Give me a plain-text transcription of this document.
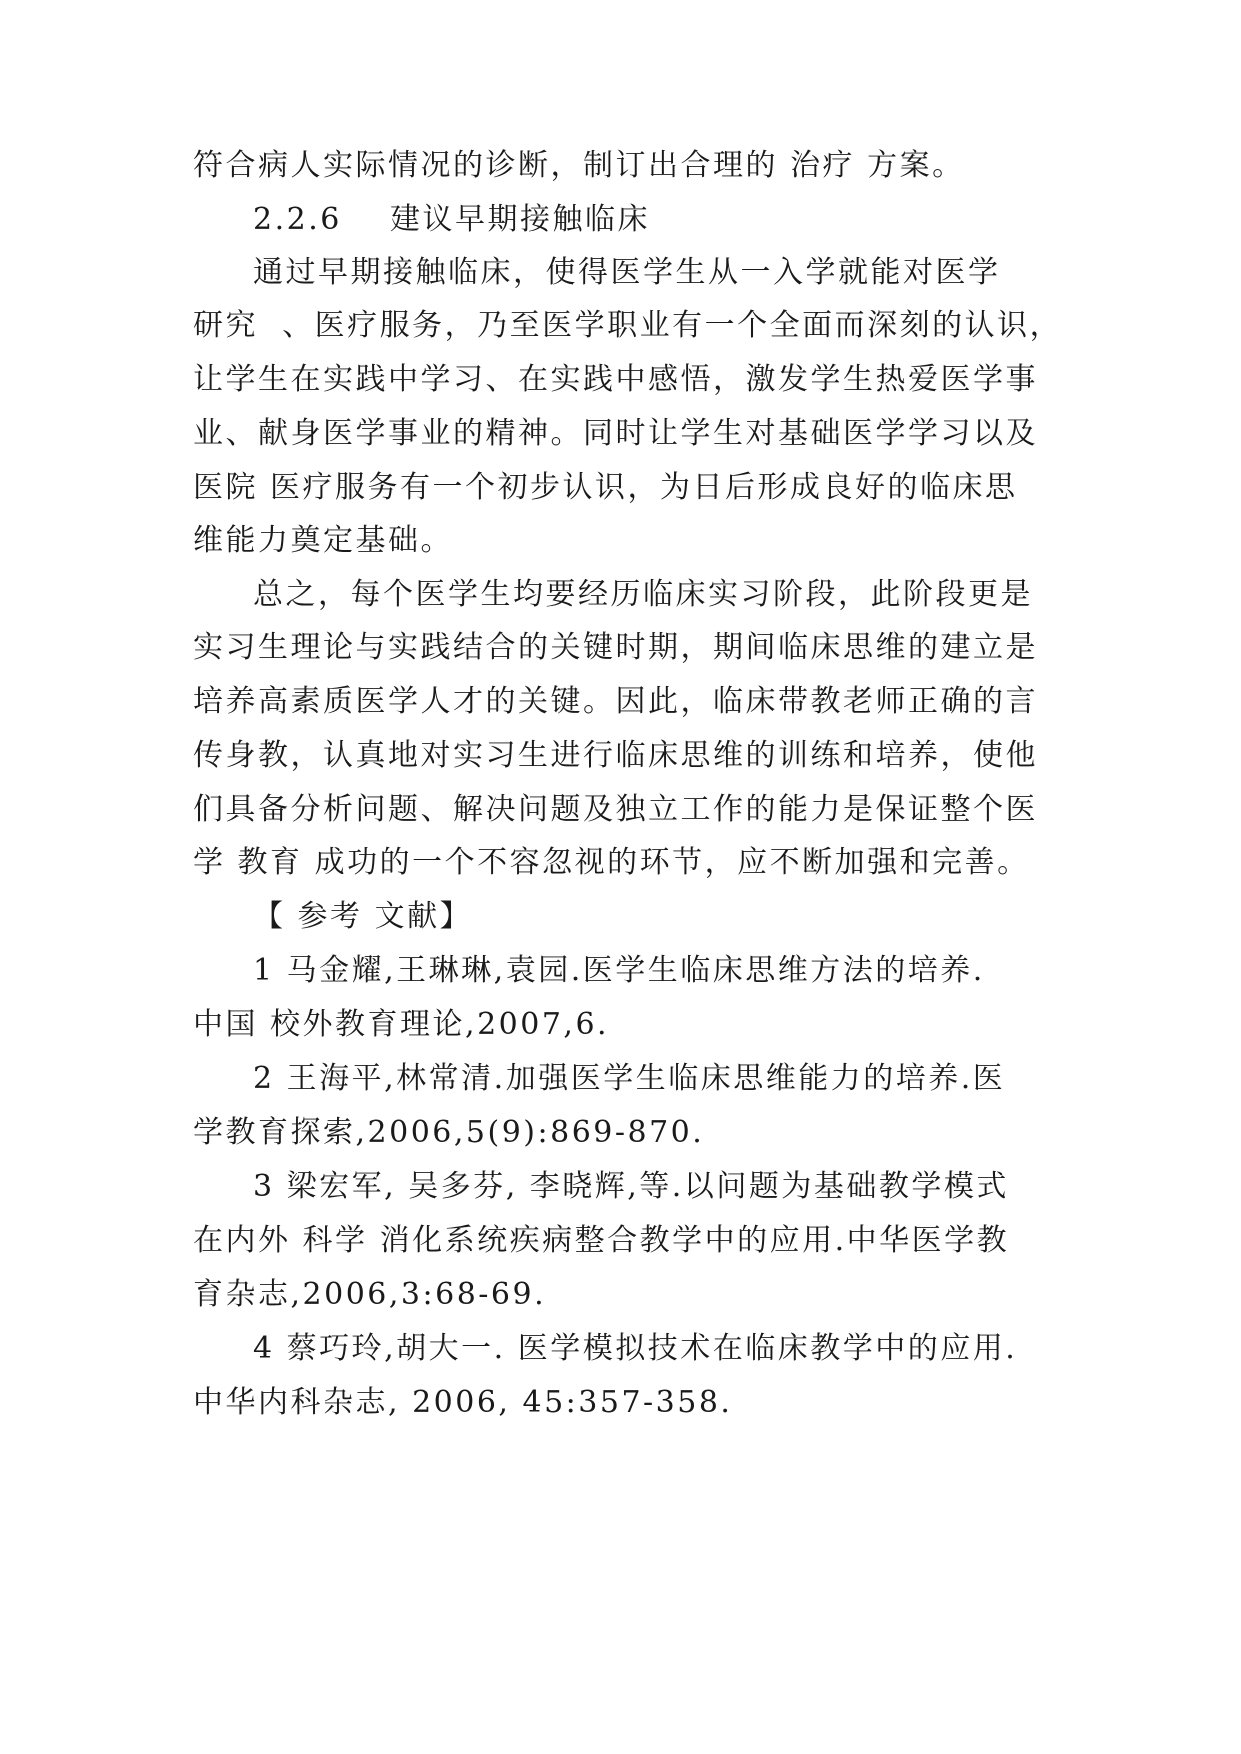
符合病人实际情况的诊断，制订出合理的 治疗 方案。
2.2.6    建议早期接触临床
通过早期接触临床，使得医学生从一入学就能对医学
研究  、医疗服务，乃至医学职业有一个全面而深刻的认识，
让学生在实践中学习、在实践中感悟，激发学生热爱医学事
业、献身医学事业的精神。同时让学生对基础医学学习以及
医院 医疗服务有一个初步认识，为日后形成良好的临床思
维能力奠定基础。
总之，每个医学生均要经历临床实习阶段，此阶段更是
实习生理论与实践结合的关键时期，期间临床思维的建立是
培养高素质医学人才的关键。因此，临床带教老师正确的言
传身教，认真地对实习生进行临床思维的训练和培养，使他
们具备分析问题、解决问题及独立工作的能力是保证整个医
学 教育 成功的一个不容忽视的环节，应不断加强和完善。
【 参考 文献】
1 马金耀,王琳琳,袁园.医学生临床思维方法的培养.
中国 校外教育理论,2007,6.
2 王海平,林常清.加强医学生临床思维能力的培养.医
学教育探索,2006,5(9):869-870.
3 梁宏军, 吴多芬, 李晓辉,等.以问题为基础教学模式
在内外 科学 消化系统疾病整合教学中的应用.中华医学教
育杂志,2006,3:68-69.
4 蔡巧玲,胡大一. 医学模拟技术在临床教学中的应用.
中华内科杂志, 2006, 45:357-358.
